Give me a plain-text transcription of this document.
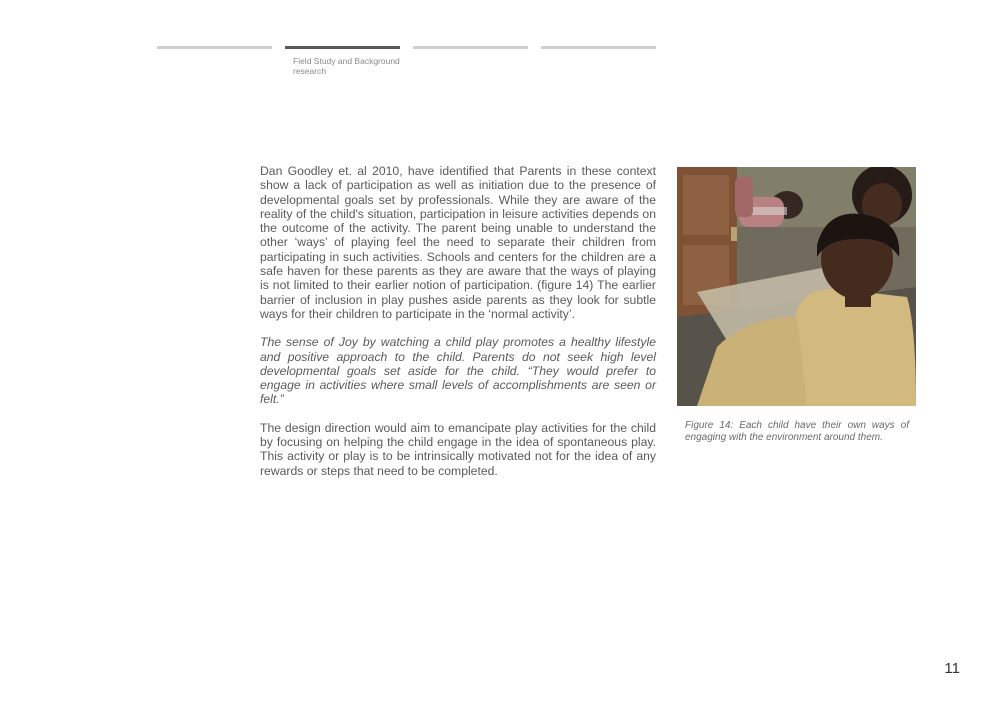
Field Study and Background research

Dan Goodley et. al 2010, have identified that Parents in these context show a lack of participation as well as initiation due to the presence of developmental goals set by professionals. While they are aware of the reality of the child's situation, participation in leisure activities depends on the outcome of the activity. The parent being unable to understand the other ‘ways’ of playing feel the need to separate their children from participating in such activities. Schools and centers for the children are a safe haven for these parents as they are aware that the ways of playing is not limited to their earlier notion of participation. (figure 14) The earlier barrier of inclusion in play pushes aside parents as they look for subtle ways for their children to participate in the ‘normal activity’.

The sense of Joy by watching a child play promotes a healthy lifestyle and positive approach to the child. Parents do not seek high level developmental goals set aside for the child. “They would prefer to engage in activities where small levels of accomplishments are seen or felt.”

The design direction would aim to emancipate play activities for the child by focusing on helping the child engage in the idea of spontaneous play. This activity or play is to be intrinsically motivated not for the idea of any rewards or steps that need to be completed.

Figure 14: Each child have their own ways of engaging with the environment around them.
11
